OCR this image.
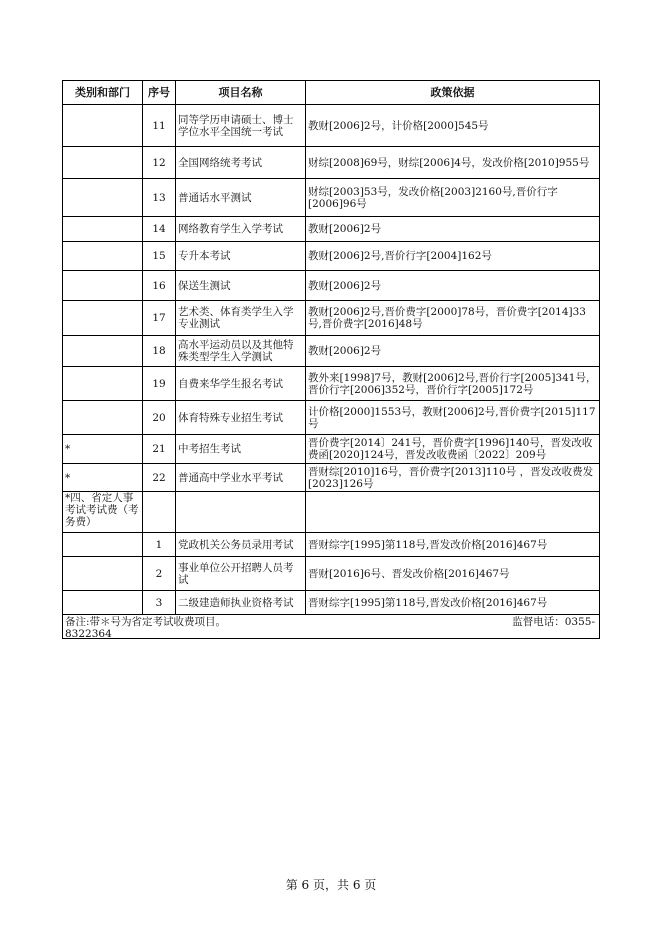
类别和部门	序号	项目名称	政策依据
	11	同等学历申请硕士、博士学位水平全国统一考试	教财[2006]2号，计价格[2000]545号
	12	全国网络统考考试	财综[2008]69号，财综[2006]4号，发改价格[2010]955号
	13	普通话水平测试	财综[2003]53号，发改价格[2003]2160号,晋价行字[2006]96号
	14	网络教育学生入学考试	教财[2006]2号
	15	专升本考试	教财[2006]2号,晋价行字[2004]162号
	16	保送生测试	教财[2006]2号
	17	艺术类、体育类学生入学专业测试	教财[2006]2号,晋价费字[2000]78号，晋价费字[2014]33号,晋价费字[2016]48号
	18	高水平运动员以及其他特殊类型学生入学测试	教财[2006]2号
	19	自费来华学生报名考试	教外来[1998]7号，教财[2006]2号,晋价行字[2005]341号，晋价行字[2006]352号，晋价行字[2005]172号
	20	体育特殊专业招生考试	计价格[2000]1553号，教财[2006]2号,晋价费字[2015]117号
*	21	中考招生考试	晋价费字[2014〕241号，晋价费字[1996]140号，晋发改收费函[2020]124号，晋发改收费函〔2022〕209号
*	22	普通高中学业水平考试	晋财综[2010]16号，晋价费字[2013]110号 ，晋发改收费发[2023]126号
*四、省定人事考试考试费（考务费）			
	1	党政机关公务员录用考试	晋财综字[1995]第118号,晋发改价格[2016]467号
	2	事业单位公开招聘人员考试	晋财[2016]6号、晋发改价格[2016]467号
	3	二级建造师执业资格考试	晋财综字[1995]第118号,晋发改价格[2016]467号

备注:带＊号为省定考试收费项目。 监督电话：0355-
8322364			
第 6 页，共 6 页
